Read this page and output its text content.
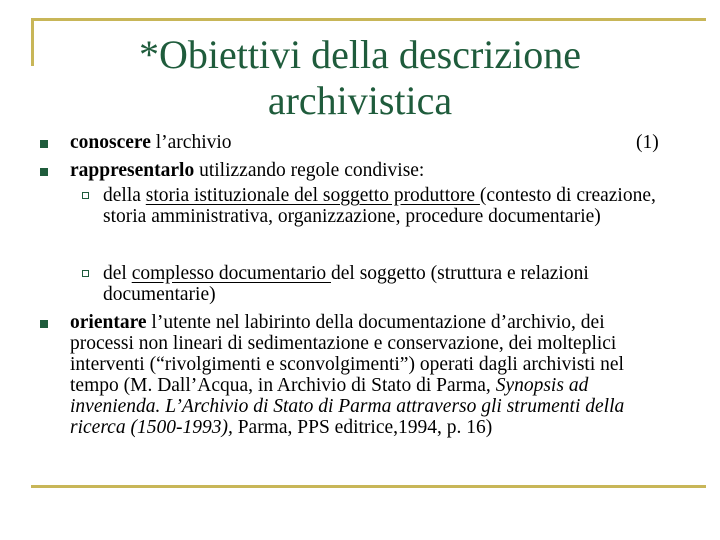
*Obiettivi della descrizione archivistica
conoscere l’archivio	(1)
rappresentarlo utilizzando regole condivise:
della storia istituzionale del soggetto produttore (contesto di creazione, storia amministrativa, organizzazione, procedure documentarie)
del complesso documentario del soggetto (struttura e relazioni documentarie)
orientare l’utente nel labirinto della documentazione d’archivio, dei processi non lineari di sedimentazione e conservazione, dei molteplici interventi (“rivolgimenti e sconvolgimenti”) operati dagli archivisti nel tempo (M. Dall’Acqua, in Archivio di Stato di Parma, Synopsis ad invenienda. L’Archivio di Stato di Parma attraverso gli strumenti della ricerca (1500-1993), Parma, PPS editrice,1994, p. 16)
